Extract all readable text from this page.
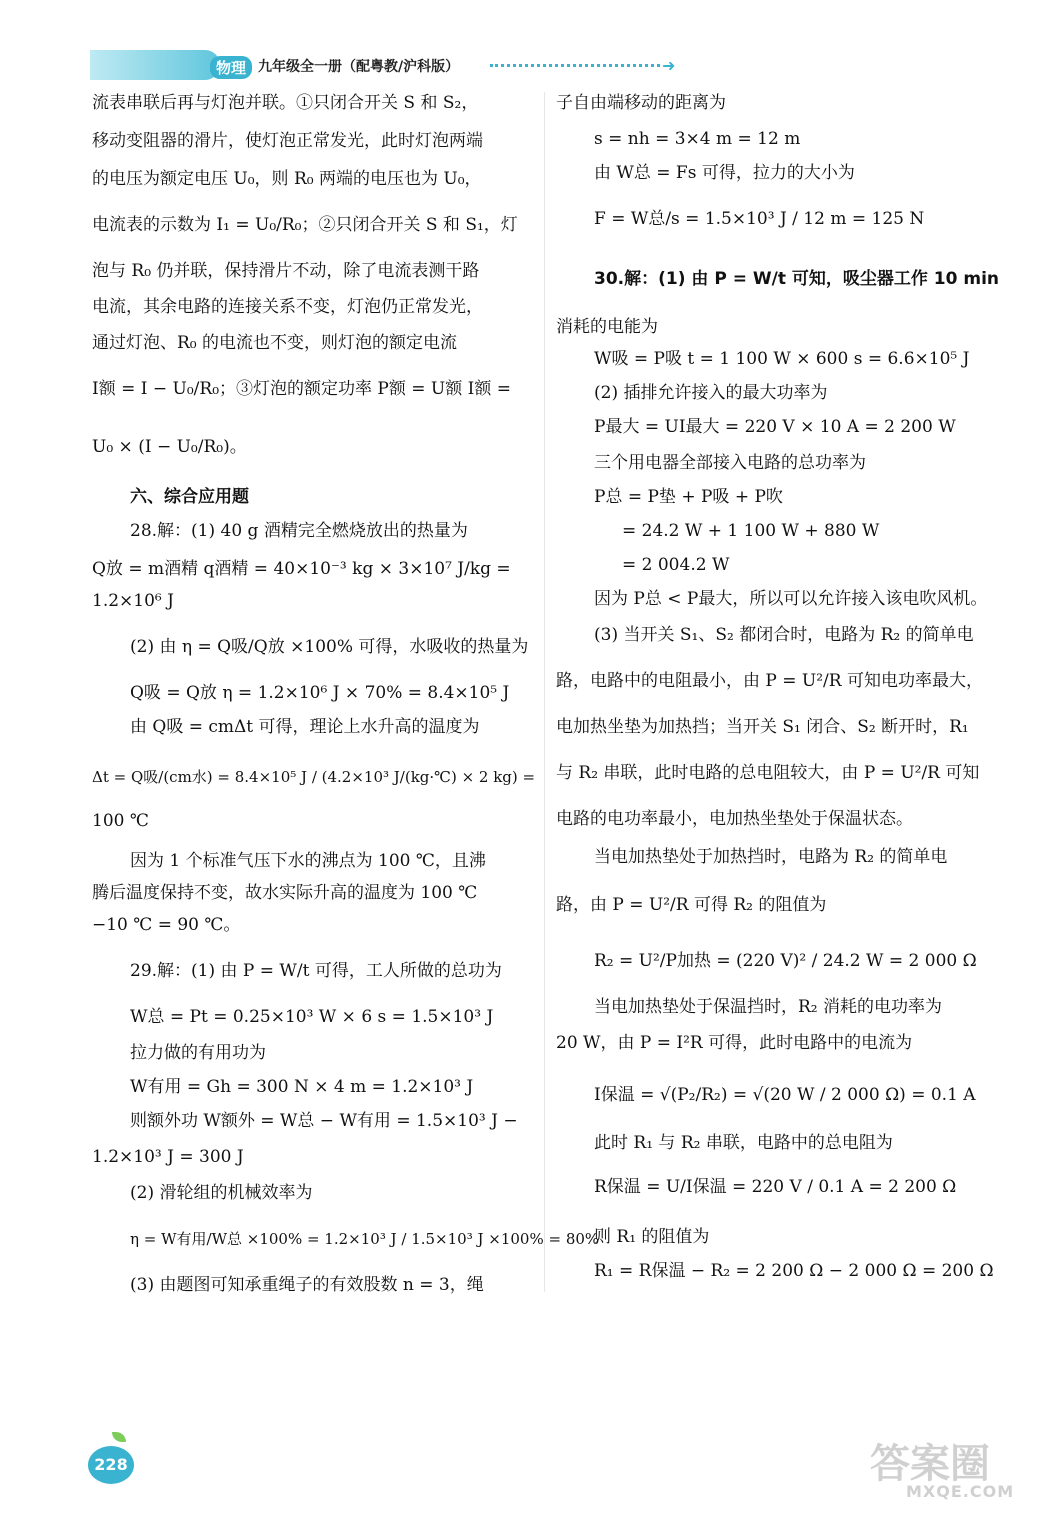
物理 九年级全一册（配粤教/沪科版）	➜
流表串联后再与灯泡并联。①只闭合开关 S 和 S₂，
移动变阻器的滑片，使灯泡正常发光，此时灯泡两端
的电压为额定电压 U₀，则 R₀ 两端的电压也为 U₀，
电流表的示数为 I₁ = U₀/R₀；②只闭合开关 S 和 S₁，灯
泡与 R₀ 仍并联，保持滑片不动，除了电流表测干路
电流，其余电路的连接关系不变，灯泡仍正常发光，
通过灯泡、R₀ 的电流也不变，则灯泡的额定电流
I额 = I − U₀/R₀；③灯泡的额定功率 P额 = U额 I额 =
U₀ × (I − U₀/R₀)。
六、综合应用题
28.解：(1) 40 g 酒精完全燃烧放出的热量为
Q放 = m酒精 q酒精 = 40×10⁻³ kg × 3×10⁷ J/kg =
1.2×10⁶ J
(2) 由 η = Q吸/Q放 ×100% 可得，水吸收的热量为
Q吸 = Q放 η = 1.2×10⁶ J × 70% = 8.4×10⁵ J
由 Q吸 = cmΔt 可得，理论上水升高的温度为
Δt = Q吸/(cm水) = 8.4×10⁵ J / (4.2×10³ J/(kg·℃) × 2 kg) =
100 ℃
因为 1 个标准气压下水的沸点为 100 ℃，且沸
腾后温度保持不变，故水实际升高的温度为 100 ℃
−10 ℃ = 90 ℃。
29.解：(1) 由 P = W/t 可得，工人所做的总功为
W总 = Pt = 0.25×10³ W × 6 s = 1.5×10³ J
拉力做的有用功为
W有用 = Gh = 300 N × 4 m = 1.2×10³ J
则额外功 W额外 = W总 − W有用 = 1.5×10³ J −
1.2×10³ J = 300 J
(2) 滑轮组的机械效率为
η = W有用/W总 ×100% = 1.2×10³ J / 1.5×10³ J ×100% = 80%
(3) 由题图可知承重绳子的有效股数 n = 3，绳
子自由端移动的距离为
s = nh = 3×4 m = 12 m
由 W总 = Fs 可得，拉力的大小为
F = W总/s = 1.5×10³ J / 12 m = 125 N
30.解：(1) 由 P = W/t 可知，吸尘器工作 10 min
消耗的电能为
W吸 = P吸 t = 1 100 W × 600 s = 6.6×10⁵ J
(2) 插排允许接入的最大功率为
P最大 = UI最大 = 220 V × 10 A = 2 200 W
三个用电器全部接入电路的总功率为
P总 = P垫 + P吸 + P吹
= 24.2 W + 1 100 W + 880 W
= 2 004.2 W
因为 P总 < P最大，所以可以允许接入该电吹风机。
(3) 当开关 S₁、S₂ 都闭合时，电路为 R₂ 的简单电
路，电路中的电阻最小，由 P = U²/R 可知电功率最大，
电加热坐垫为加热挡；当开关 S₁ 闭合、S₂ 断开时，R₁
与 R₂ 串联，此时电路的总电阻较大，由 P = U²/R 可知
电路的电功率最小，电加热坐垫处于保温状态。
当电加热垫处于加热挡时，电路为 R₂ 的简单电
路，由 P = U²/R 可得 R₂ 的阻值为
R₂ = U²/P加热 = (220 V)² / 24.2 W = 2 000 Ω
当电加热垫处于保温挡时，R₂ 消耗的电功率为
20 W，由 P = I²R 可得，此时电路中的电流为
I保温 = √(P₂/R₂) = √(20 W / 2 000 Ω) = 0.1 A
此时 R₁ 与 R₂ 串联，电路中的总电阻为
R保温 = U/I保温 = 220 V / 0.1 A = 2 200 Ω
则 R₁ 的阻值为
R₁ = R保温 − R₂ = 2 200 Ω − 2 000 Ω = 200 Ω
228	答案圈
MXQE.COM
